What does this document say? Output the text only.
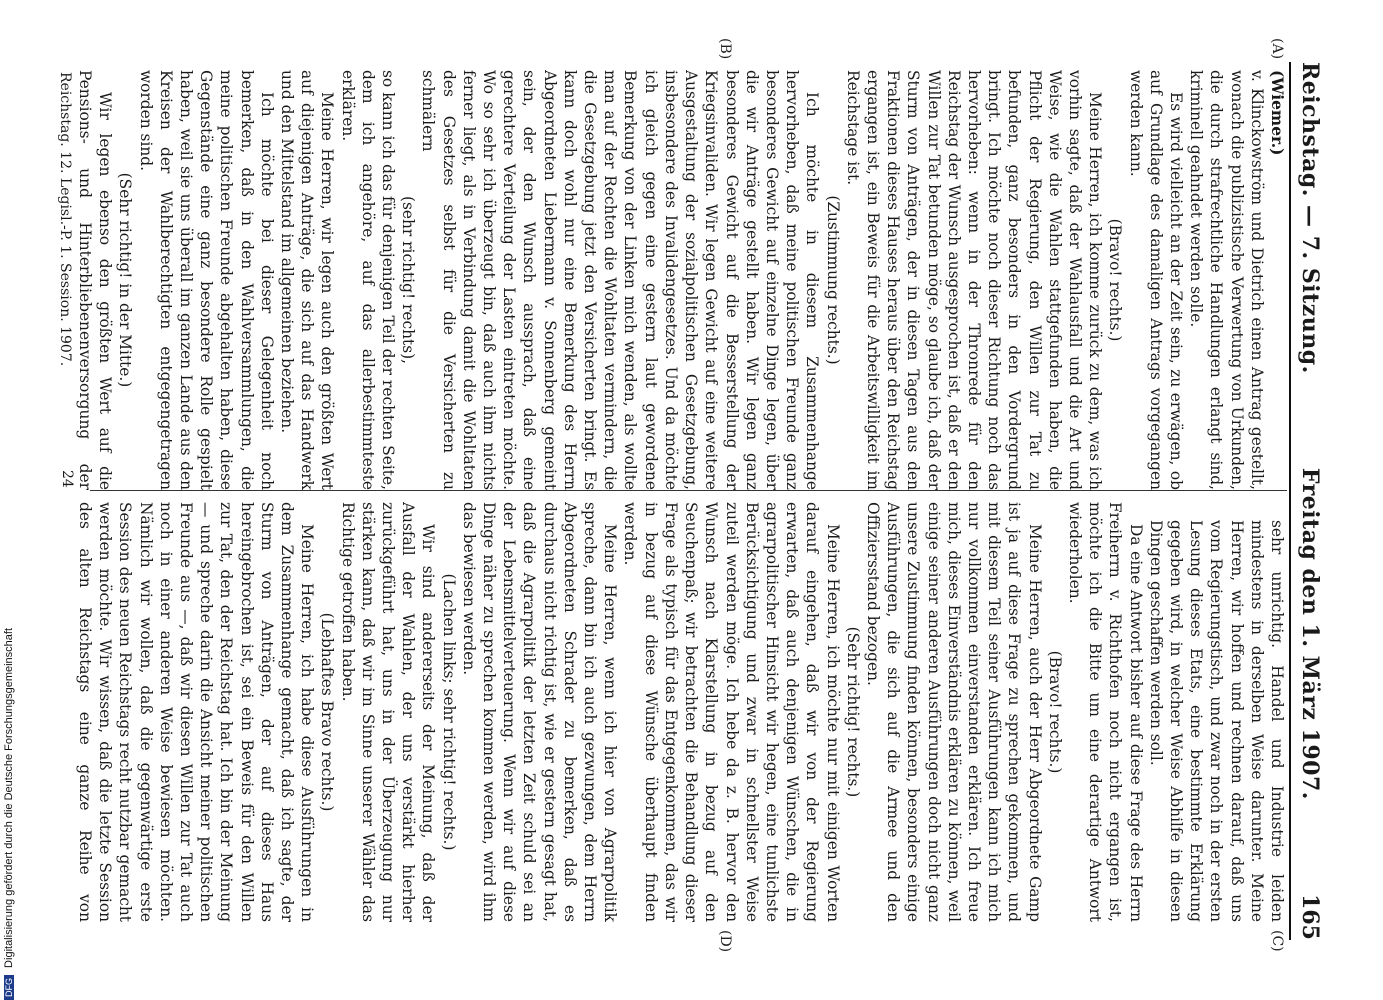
Reichstag. — 7. Sitzung.
Freitag den 1. März 1907.
165
(A)
(B)
(C)
(D)

(Wiemer.)

v. Klinckowström und Dietrich einen Antrag gestellt, wonach die publizistische Verwertung von Urkunden, die durch strafrechtliche Handlungen erlangt sind, kriminell geahndet werden solle.

Es wird vielleicht an der Zeit sein, zu erwägen, ob auf Grundlage des damaligen Antrags vorgegangen werden kann.

(Bravo! rechts.)

Meine Herren, ich komme zurück zu dem, was ich vorhin sagte, daß der Wahlausfall und die Art und Weise, wie die Wahlen stattgefunden haben, die Pflicht der Regierung, den Willen zur Tat zu befunden, ganz besonders in den Vordergrund bringt. Ich möchte noch dieser Richtung noch das hervorheben: wenn in der Thronrede für den Reichstag der Wunsch ausgesprochen ist, daß er den Willen zur Tat betunden möge, so glaube ich, daß der Sturm von Anträgen, der in diesen Tagen aus den Fraktionen dieses Hauses heraus über den Reichstag ergangen ist, ein Beweis für die Arbeitswilligkeit im Reichstage ist.

(Zustimmung rechts.)

Ich möchte in diesem Zusammenhange hervorheben, daß meine politischen Freunde ganz besonderes Gewicht auf einzelne Dinge legen, über die wir Anträge gestellt haben. Wir legen ganz besonderes Gewicht auf die Besserstellung der Kriegsinvaliden. Wir legen Gewicht auf eine weitere Ausgestaltung der sozialpolitischen Gesetzgebung, insbesondere des Invalidengesetzes. Und da möchte ich gleich gegen eine gestern laut gewordene Bemerkung von der Linken mich wenden, als wollte man auf der Rechten die Wohltaten vermindern, die die Gesetzgebung jetzt den Versicherten bringt. Es kann doch wohl nur eine Bemerkung des Herrn Abgeordneten Liebermann v. Sonnenberg gemeint sein, der den Wunsch aussprach, daß eine gerechtere Verteilung der Lasten eintreten möchte. Wo so sehr ich überzeugt bin, daß auch ihm nichts ferner liegt, als in Verbindung damit die Wohltaten des Gesetzes selbst für die Versicherten zu schmälern

(sehr richtig! rechts),

so kann ich das für denjenigen Teil der rechten Seite, dem ich angehöre, auf das allerbestimmteste erklären.

Meine Herren, wir legen auch den größten Wert auf diejenigen Anträge, die sich auf das Handwerk und den Mittelstand im allgemeinen beziehen.

Ich möchte bei dieser Gelegenheit noch bemerken, daß in den Wahlversammlungen, die meine politischen Freunde abgehalten haben, diese Gegenstände eine ganz besondere Rolle gespielt haben, weil sie uns überall im ganzen Lande aus den Kreisen der Wahlberechtigten entgegengetragen worden sind.

(Sehr richtig! in der Mitte.)

Wir legen ebenso den größten Wert auf die Pensions- und Hinterbliebenenversorgung der

sehr unrichtig. Handel und Industrie leiden mindestens in derselben Weise darunter. Meine Herren, wir hoffen und rechnen darauf, daß uns vom Regierungstisch, und zwar noch in der ersten Lesung dieses Etats, eine bestimmte Erklärung gegeben wird, in welcher Weise Abhilfe in diesen Dingen geschaffen werden soll.

Da eine Antwort bisher auf diese Frage des Herrn Freiherrn v. Richthofen noch nicht ergangen ist, möchte ich die Bitte um eine derartige Antwort wiederholen.

(Bravo! rechts.)

Meine Herren, auch der Herr Abgeordnete Gamp ist ja auf diese Frage zu sprechen gekommen, und mit diesem Teil seiner Ausführungen kann ich mich nur vollkommen einverstanden erklären. Ich freue mich, dieses Einverständnis erklären zu können, weil einige seiner anderen Ausführungen doch nicht ganz unsere Zustimmung finden können, besonders einige Ausführungen, die sich auf die Armee und den Offiziersstand bezogen.

(Sehr richtig! rechts.)

Meine Herren, ich möchte nur mit einigen Worten darauf eingehen, daß wir von der Regierung erwarten, daß auch denjenigen Wünschen, die in agrarpolitischer Hinsicht wir hegen, eine tunlichste Berücksichtigung und zwar in schnellster Weise zuteil werden möge. Ich hebe da z. B. hervor den Wunsch nach Klarstellung in bezug auf den Seuchenpaß; wir betrachten die Behandlung dieser Frage als typisch für das Entgegenkommen, das wir in bezug auf diese Wünsche überhaupt finden werden.

Meine Herren, wenn ich hier von Agrarpolitik spreche, dann bin ich auch gezwungen, dem Herrn Abgeordneten Schrader zu bemerken, daß es durchaus nicht richtig ist, wie er gestern gesagt hat, daß die Agrarpolitik der letzten Zeit schuld sei an der Lebensmittelverteuerung. Wenn wir auf diese Dinge näher zu sprechen kommen werden, wird ihm das bewiesen werden.

(Lachen links; sehr richtig! rechts.)

Wir sind andererseits der Meinung, daß der Ausfall der Wahlen, der uns verstärkt hierher zurückgeführt hat, uns in der Überzeugung nur stärken kann, daß wir im Sinne unserer Wähler das Richtige getroffen haben.

(Lebhaftes Bravo rechts.)

Meine Herren, ich habe diese Ausführungen in dem Zusammenhange gemacht, daß ich sagte, der Sturm von Anträgen, der auf dieses Haus hereingebrochen ist, sei ein Beweis für den Willen zur Tat, den der Reichstag hat. Ich bin der Meinung — und spreche darin die Ansicht meiner politischen Freunde aus —, daß wir diesen Willen zur Tat auch noch in einer anderen Weise bewiesen möchten. Nämlich wir wollen, daß die gegenwärtige erste Session des neuen Reichstags recht nutzbar gemacht werden möchte. Wir wissen, daß die letzte Session des alten Reichstags eine ganze Reihe von

Reichstag. 12. Legisl.-P. 1. Session. 1907.
24
DFG Digitalisierung gefördert durch die Deutsche Forschungsgemeinschaft
